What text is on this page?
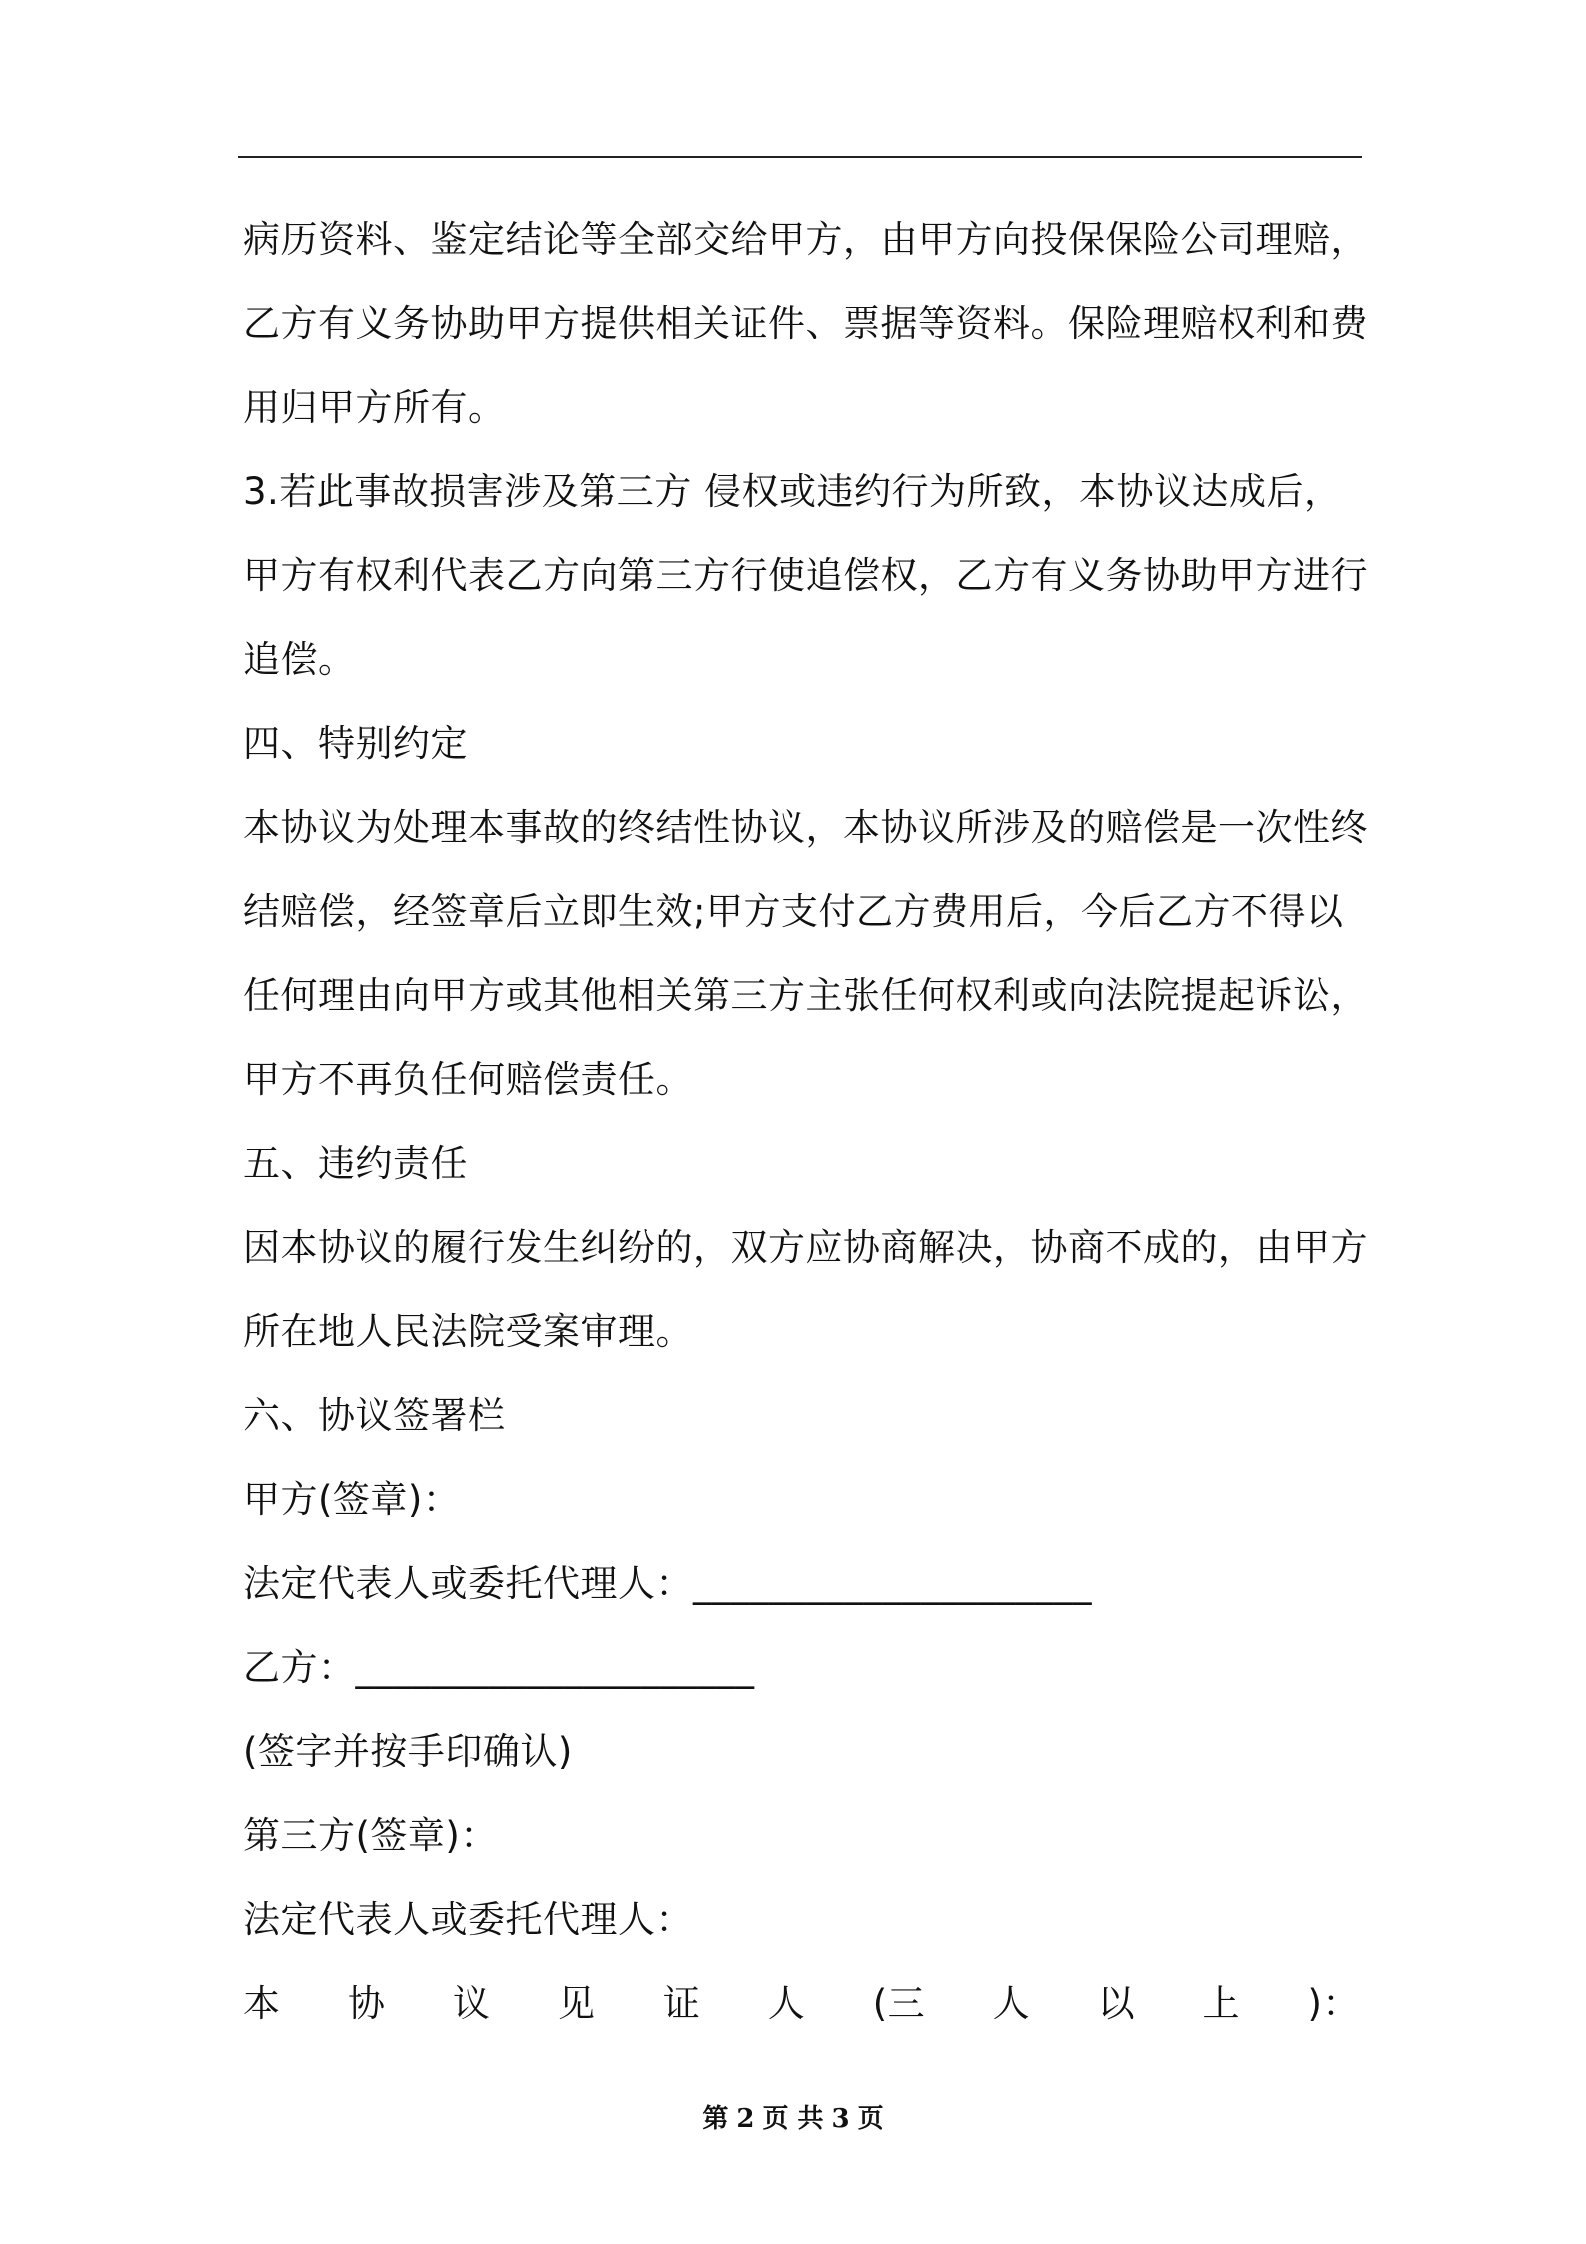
病历资料、鉴定结论等全部交给甲方，由甲方向投保保险公司理赔，
乙方有义务协助甲方提供相关证件、票据等资料。保险理赔权利和费
用归甲方所有。
3.若此事故损害涉及第三方 侵权或违约行为所致，本协议达成后，
甲方有权利代表乙方向第三方行使追偿权，乙方有义务协助甲方进行
追偿。
四、特别约定
本协议为处理本事故的终结性协议，本协议所涉及的赔偿是一次性终
结赔偿，经签章后立即生效;甲方支付乙方费用后，今后乙方不得以
任何理由向甲方或其他相关第三方主张任何权利或向法院提起诉讼，
甲方不再负任何赔偿责任。
五、违约责任
因本协议的履行发生纠纷的，双方应协商解决，协商不成的，由甲方
所在地人民法院受案审理。
六、协议签署栏
甲方(签章)：
法定代表人或委托代理人：_____________________
乙方：_____________________
(签字并按手印确认)
第三方(签章)：
法定代表人或委托代理人：
本 协 议 见 证 人 (三 人 以 上 )：
第 2 页 共 3 页
